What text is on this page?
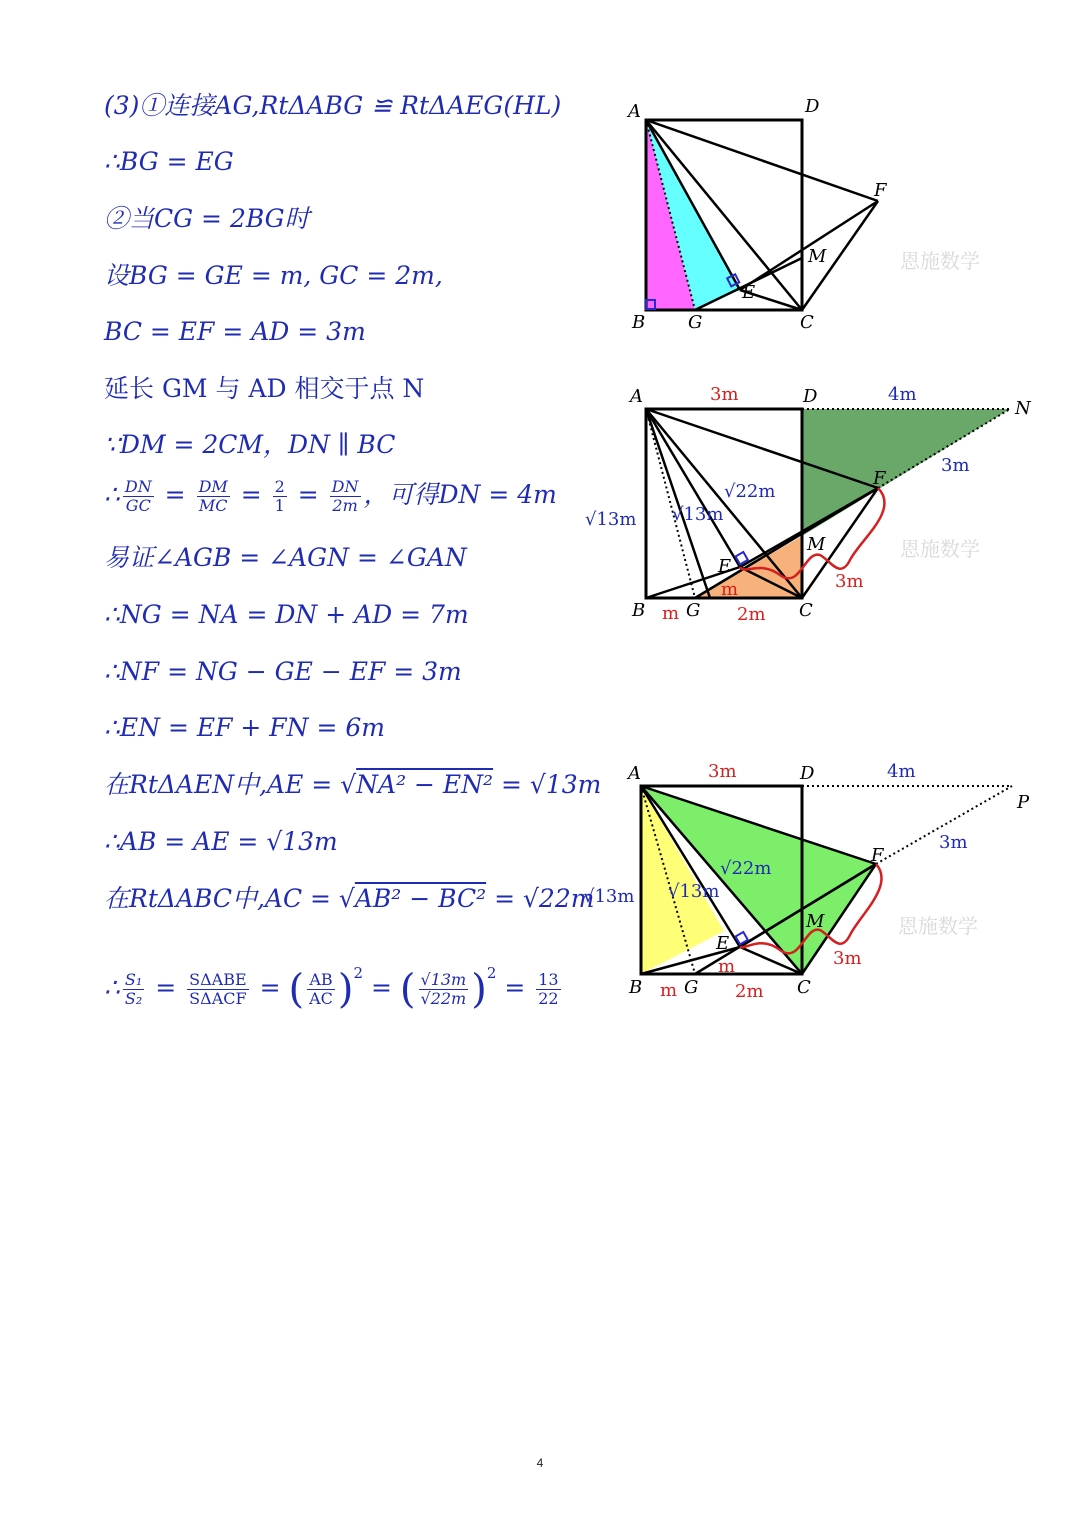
(3)①连接AG,RtΔABG ≌ RtΔAEG(HL)
∴BG = EG
②当CG = 2BG时
设BG = GE = m, GC = 2m,
BC = EF = AD = 3m
延长 GM 与 AD 相交于点 N
∵DM = 2CM，DN ∥ BC
∴ $\frac{DN}{GC} = \frac{DM}{MC} = \frac{2}{1} = \frac{DN}{2m}$ ，可得DN = 4m
易证∠AGB = ∠AGN = ∠GAN
∴NG = NA = DN + AD = 7m
∴NF = NG − GE − EF = 3m
∴EN = EF + FN = 6m
在RtΔAEN中,AE = √NA² − EN² = √13m
∴AB = AE = √13m
在RtΔABC中,AC = √AB² − BC² = √22m
∴ $\frac{\text{S₁}}{\text{S₂}} = \frac{\text{SΔABE}}{\text{SΔACF}}$ = ( $\frac{AB}{AC} )^2$ = ( $\frac{√13m}{√22m} )^2 = \frac{13}{22}$
A	D
F
M
E
B G	C
恩施数学
A	D
N
F
M
E
B G	C
4m
3m
√13m √13m
√22m
3m
3m
m
m	2m
恩施数学
A	D
P
F
M
E
B G	C
4m
3m
√13m √13m
√22m
3m
3m
m
m	2m
恩施数学
4
